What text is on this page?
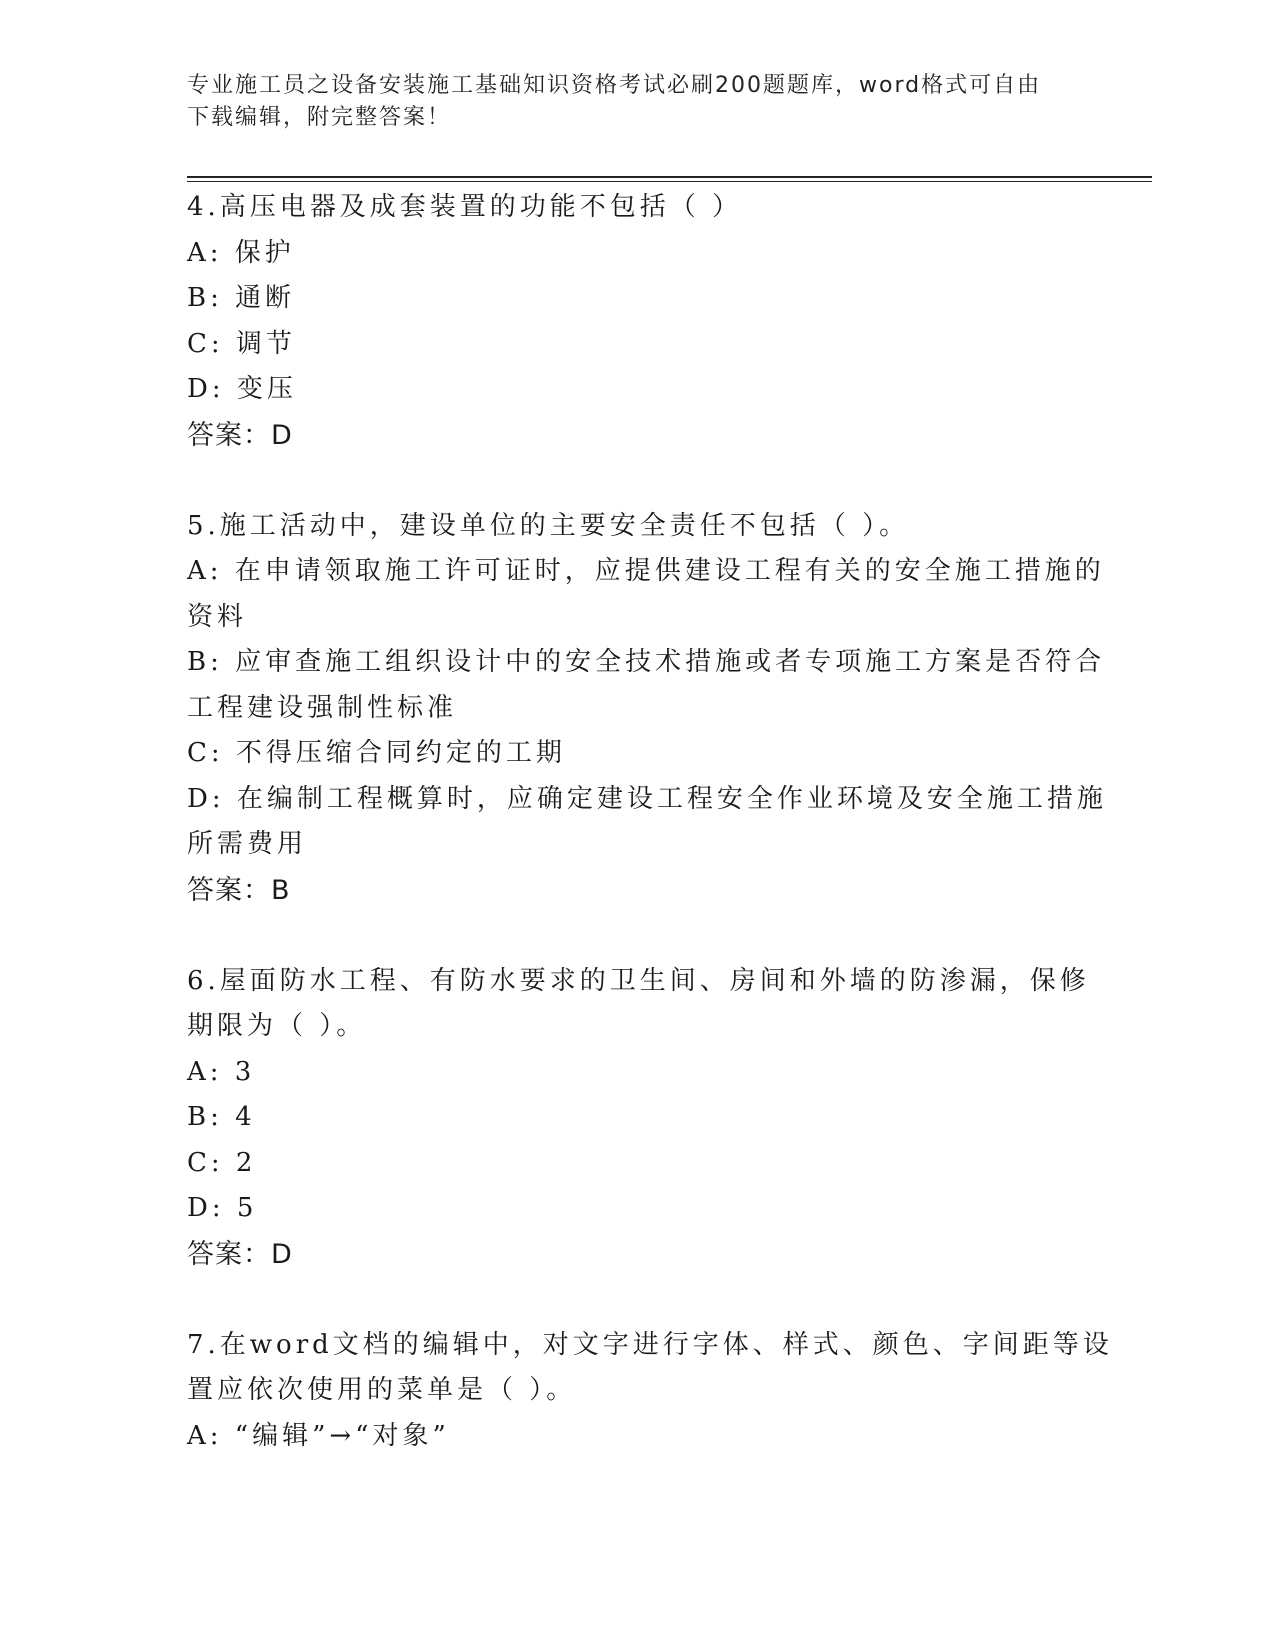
专业施工员之设备安装施工基础知识资格考试必刷200题题库，word格式可自由
下载编辑，附完整答案！
4.高压电器及成套装置的功能不包括（ ）
A: 保护
B: 通断
C: 调节
D: 变压
答案：D
5.施工活动中，建设单位的主要安全责任不包括（ ）。
A: 在申请领取施工许可证时，应提供建设工程有关的安全施工措施的
资料
B: 应审查施工组织设计中的安全技术措施或者专项施工方案是否符合
工程建设强制性标准
C: 不得压缩合同约定的工期
D: 在编制工程概算时，应确定建设工程安全作业环境及安全施工措施
所需费用
答案：B
6.屋面防水工程、有防水要求的卫生间、房间和外墙的防渗漏，保修
期限为（ ）。
A: 3
B: 4
C: 2
D: 5
答案：D
7.在word文档的编辑中，对文字进行字体、样式、颜色、字间距等设
置应依次使用的菜单是（ ）。
A: “编辑”→“对象”
